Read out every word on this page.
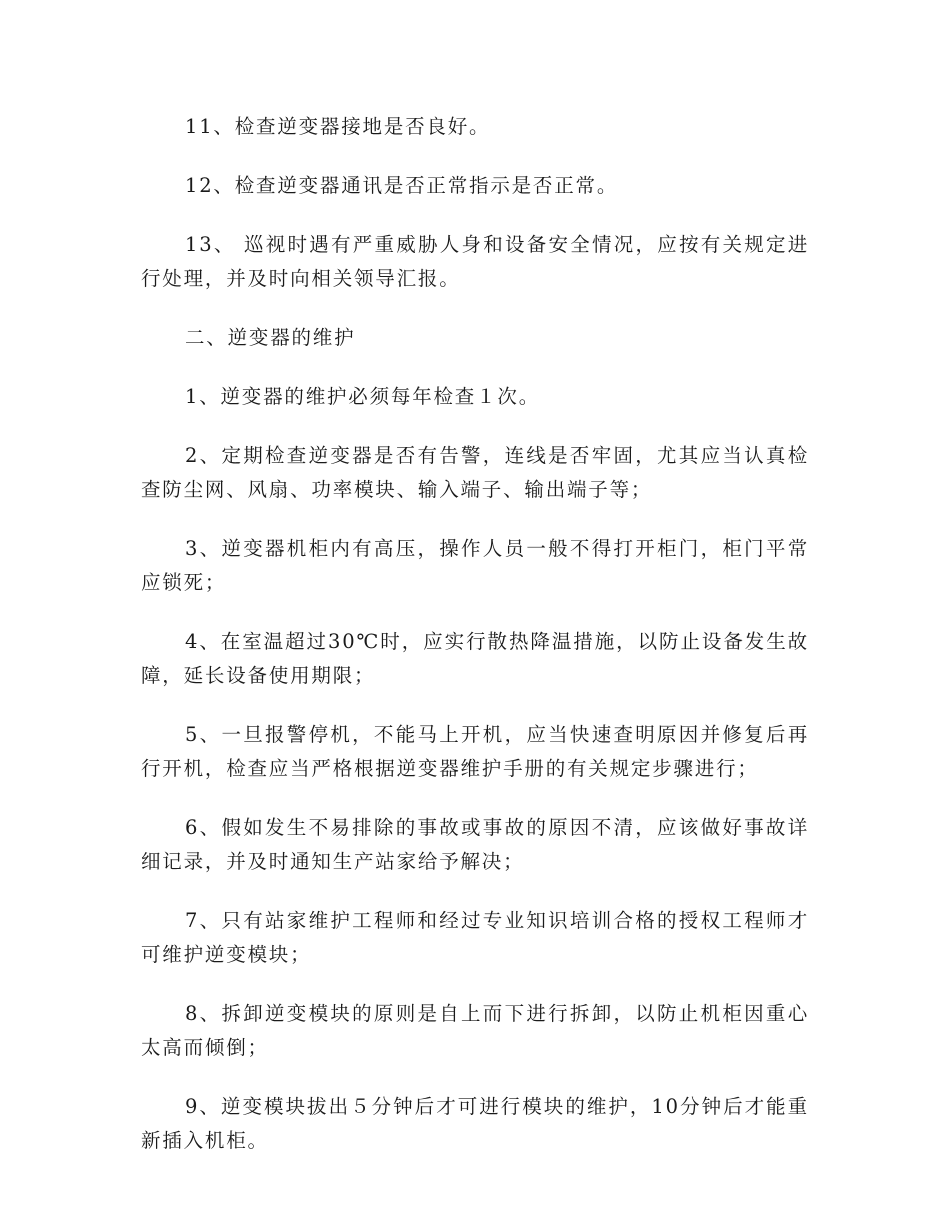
11、检查逆变器接地是否良好。

12、检查逆变器通讯是否正常指示是否正常。

13、 巡视时遇有严重威胁人身和设备安全情况，应按有关规定进行处理，并及时向相关领导汇报。

二、逆变器的维护

1、逆变器的维护必须每年检查１次。

2、定期检查逆变器是否有告警，连线是否牢固，尤其应当认真检查防尘网、风扇、功率模块、输入端子、输出端子等；

3、逆变器机柜内有高压，操作人员一般不得打开柜门，柜门平常应锁死；

4、在室温超过30℃时，应实行散热降温措施，以防止设备发生故障，延长设备使用期限；

5、一旦报警停机，不能马上开机，应当快速查明原因并修复后再行开机，检查应当严格根据逆变器维护手册的有关规定步骤进行；

6、假如发生不易排除的事故或事故的原因不清，应该做好事故详细记录，并及时通知生产站家给予解决；

7、只有站家维护工程师和经过专业知识培训合格的授权工程师才可维护逆变模块；

8、拆卸逆变模块的原则是自上而下进行拆卸，以防止机柜因重心太高而倾倒；

9、逆变模块拔出５分钟后才可进行模块的维护，10分钟后才能重新插入机柜。
